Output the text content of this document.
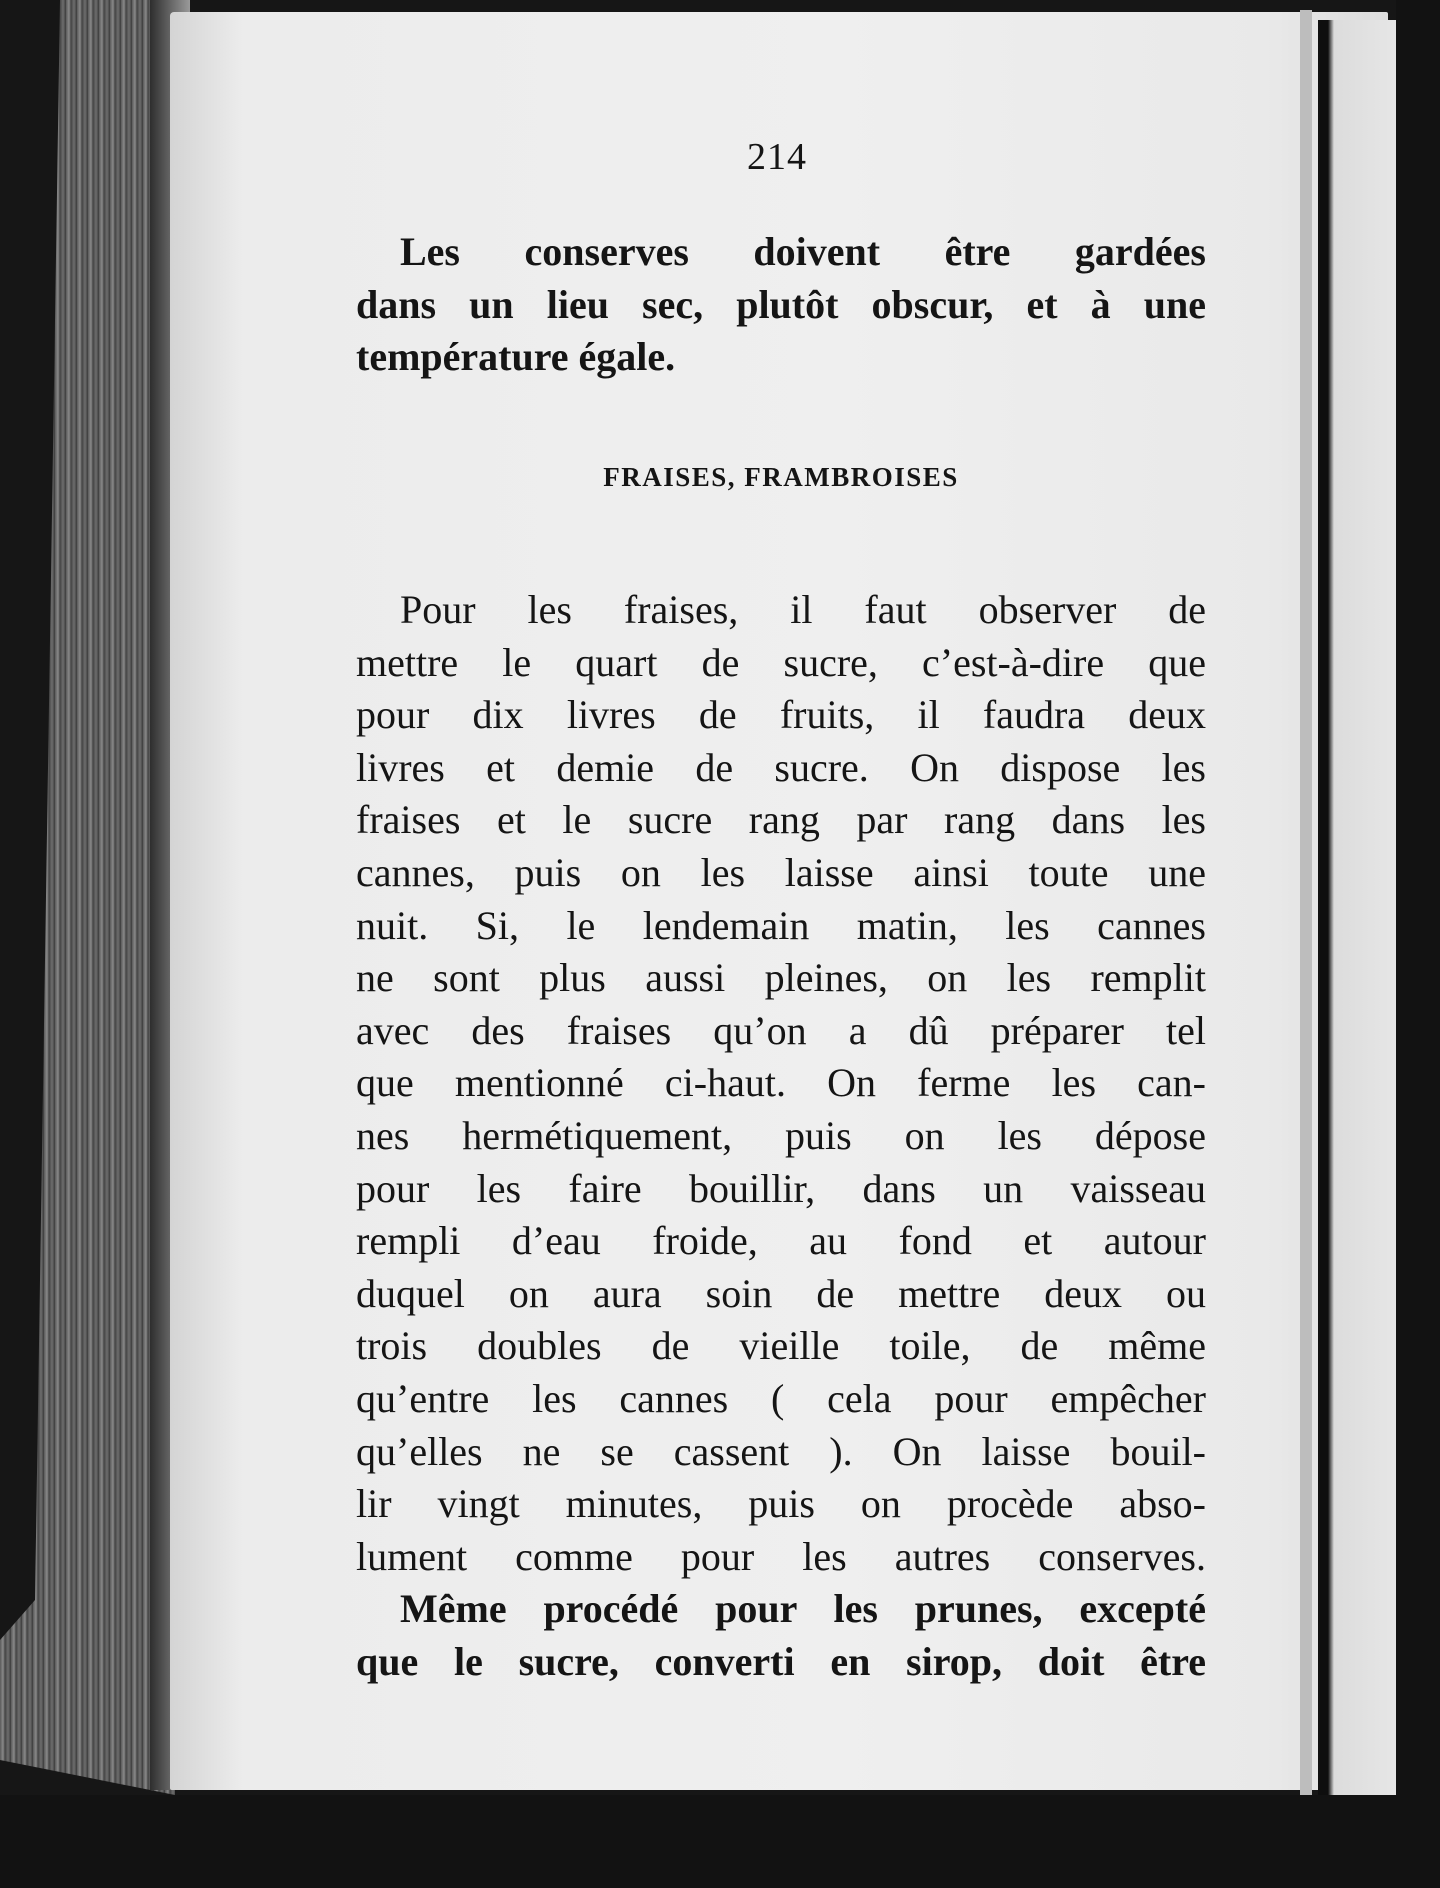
214
Les conserves doivent être gardées
dans un lieu sec, plutôt obscur, et à une
température égale.
FRAISES, FRAMBROISES
Pour les fraises, il faut observer de
mettre le quart de sucre, c’est-à-dire que
pour dix livres de fruits, il faudra deux
livres et demie de sucre. On dispose les
fraises et le sucre rang par rang dans les
cannes, puis on les laisse ainsi toute une
nuit. Si, le lendemain matin, les cannes
ne sont plus aussi pleines, on les remplit
avec des fraises qu’on a dû préparer tel
que mentionné ci-haut. On ferme les can-
nes hermétiquement, puis on les dépose
pour les faire bouillir, dans un vaisseau
rempli d’eau froide, au fond et autour
duquel on aura soin de mettre deux ou
trois doubles de vieille toile, de même
qu’entre les cannes ( cela pour empêcher
qu’elles ne se cassent ). On laisse bouil-
lir vingt minutes, puis on procède abso-
lument comme pour les autres conserves.
Même procédé pour les prunes, excepté
que le sucre, converti en sirop, doit être
